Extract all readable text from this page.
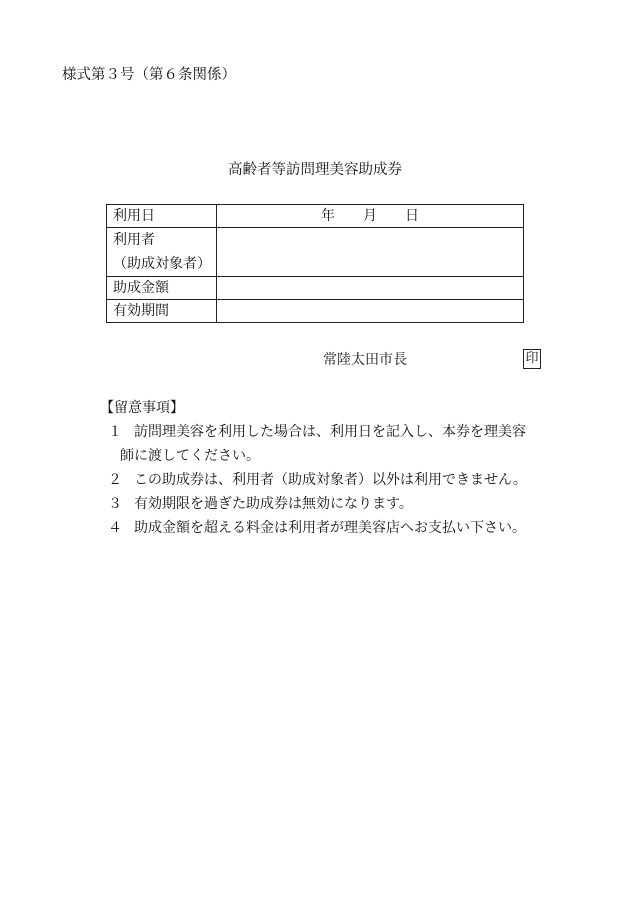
様式第３号（第６条関係）
高齢者等訪問理美容助成券
利用日	年　　月　　日

利用者
（助成対象者）	

助成金額	
有効期間	
常陸太田市長	印
【留意事項】
１ 訪問理美容を利用した場合は、利用日を記入し、本券を理美容師に渡してください。
２ この助成券は、利用者（助成対象者）以外は利用できません。
３ 有効期限を過ぎた助成券は無効になります。
４ 助成金額を超える料金は利用者が理美容店へお支払い下さい。
